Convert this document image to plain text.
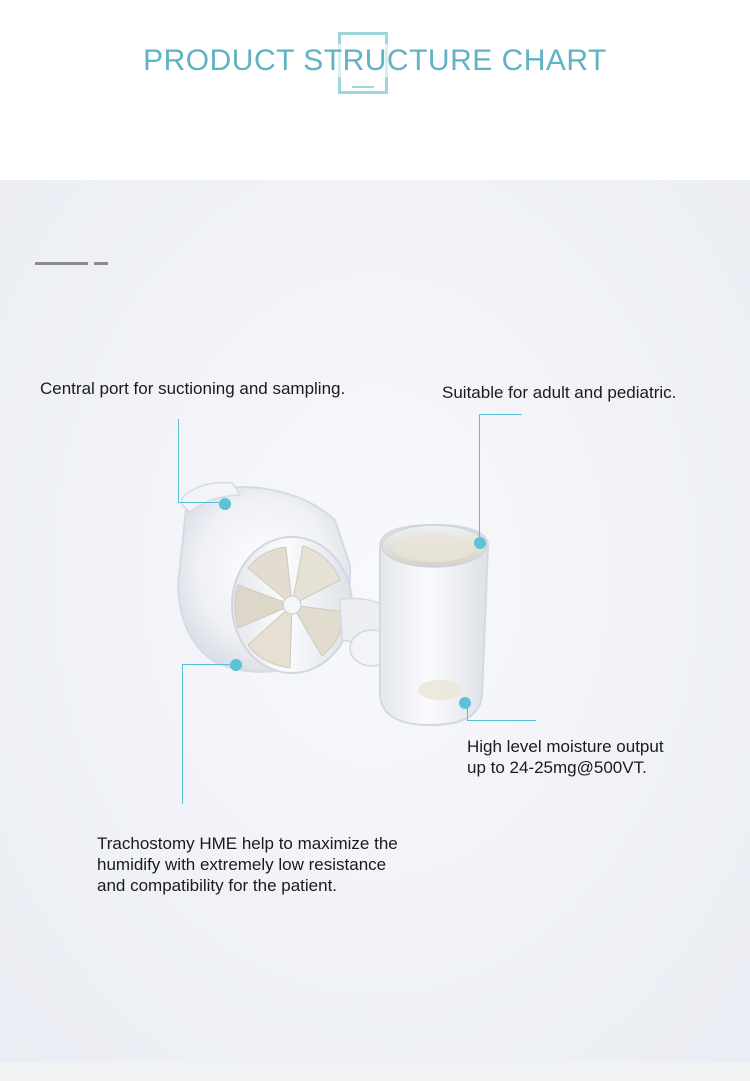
PRODUCT STRUCTURE CHART
Central port for suctioning and sampling.	Suitable for adult and pediatric.
High level moisture output
up to 24-25mg@500VT.
Trachostomy HME help to maximize the
humidify with extremely low resistance
and compatibility for the patient.
